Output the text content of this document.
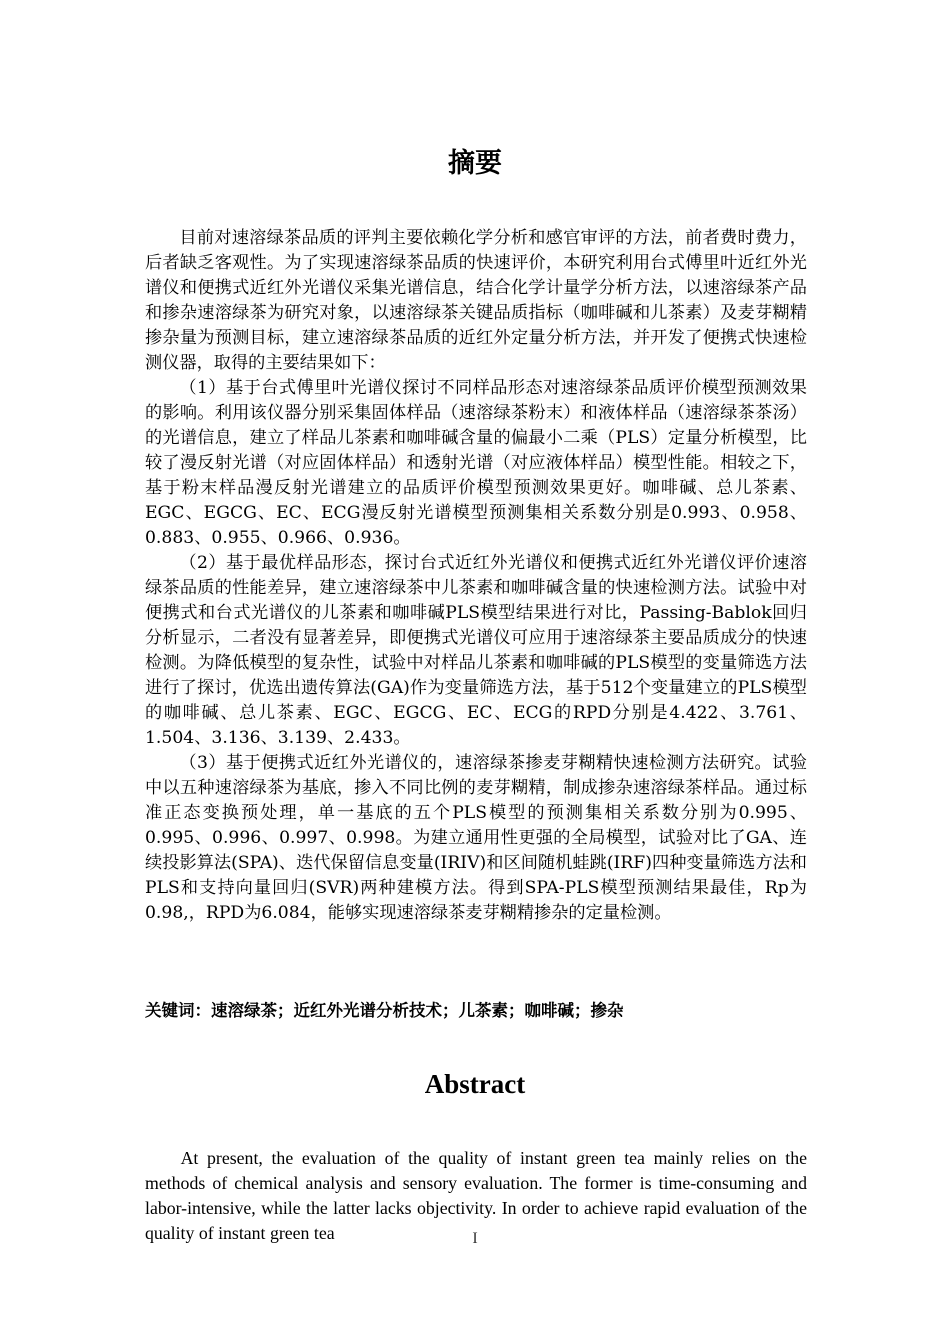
摘要

目前对速溶绿茶品质的评判主要依赖化学分析和感官审评的方法，前者费时费力，后者缺乏客观性。为了实现速溶绿茶品质的快速评价，本研究利用台式傅里叶近红外光谱仪和便携式近红外光谱仪采集光谱信息，结合化学计量学分析方法，以速溶绿茶产品和掺杂速溶绿茶为研究对象，以速溶绿茶关键品质指标（咖啡碱和儿茶素）及麦芽糊精掺杂量为预测目标，建立速溶绿茶品质的近红外定量分析方法，并开发了便携式快速检测仪器，取得的主要结果如下：

（1）基于台式傅里叶光谱仪探讨不同样品形态对速溶绿茶品质评价模型预测效果的影响。利用该仪器分别采集固体样品（速溶绿茶粉末）和液体样品（速溶绿茶茶汤）的光谱信息，建立了样品儿茶素和咖啡碱含量的偏最小二乘（PLS）定量分析模型，比较了漫反射光谱（对应固体样品）和透射光谱（对应液体样品）模型性能。相较之下，基于粉末样品漫反射光谱建立的品质评价模型预测效果更好。咖啡碱、总儿茶素、EGC、EGCG、EC、ECG漫反射光谱模型预测集相关系数分别是0.993、0.958、0.883、0.955、0.966、0.936。

（2）基于最优样品形态，探讨台式近红外光谱仪和便携式近红外光谱仪评价速溶绿茶品质的性能差异，建立速溶绿茶中儿茶素和咖啡碱含量的快速检测方法。试验中对便携式和台式光谱仪的儿茶素和咖啡碱PLS模型结果进行对比，Passing-Bablok回归分析显示，二者没有显著差异，即便携式光谱仪可应用于速溶绿茶主要品质成分的快速检测。为降低模型的复杂性，试验中对样品儿茶素和咖啡碱的PLS模型的变量筛选方法进行了探讨，优选出遗传算法(GA)作为变量筛选方法，基于512个变量建立的PLS模型的咖啡碱、总儿茶素、EGC、EGCG、EC、ECG的RPD分别是4.422、3.761、1.504、3.136、3.139、2.433。

（3）基于便携式近红外光谱仪的，速溶绿茶掺麦芽糊精快速检测方法研究。试验中以五种速溶绿茶为基底，掺入不同比例的麦芽糊精，制成掺杂速溶绿茶样品。通过标准正态变换预处理，单一基底的五个PLS模型的预测集相关系数分别为0.995、0.995、0.996、0.997、0.998。为建立通用性更强的全局模型，试验对比了GA、连续投影算法(SPA)、迭代保留信息变量(IRIV)和区间随机蛙跳(IRF)四种变量筛选方法和PLS和支持向量回归(SVR)两种建模方法。得到SPA-PLS模型预测结果最佳，Rp为0.98,，RPD为6.084，能够实现速溶绿茶麦芽糊精掺杂的定量检测。

关键词：速溶绿茶；近红外光谱分析技术；儿茶素；咖啡碱；掺杂

Abstract

At present, the evaluation of the quality of instant green tea mainly relies on the methods of chemical analysis and sensory evaluation. The former is time-consuming and labor-intensive, while the latter lacks objectivity. In order to achieve rapid evaluation of the quality of instant green tea	I
